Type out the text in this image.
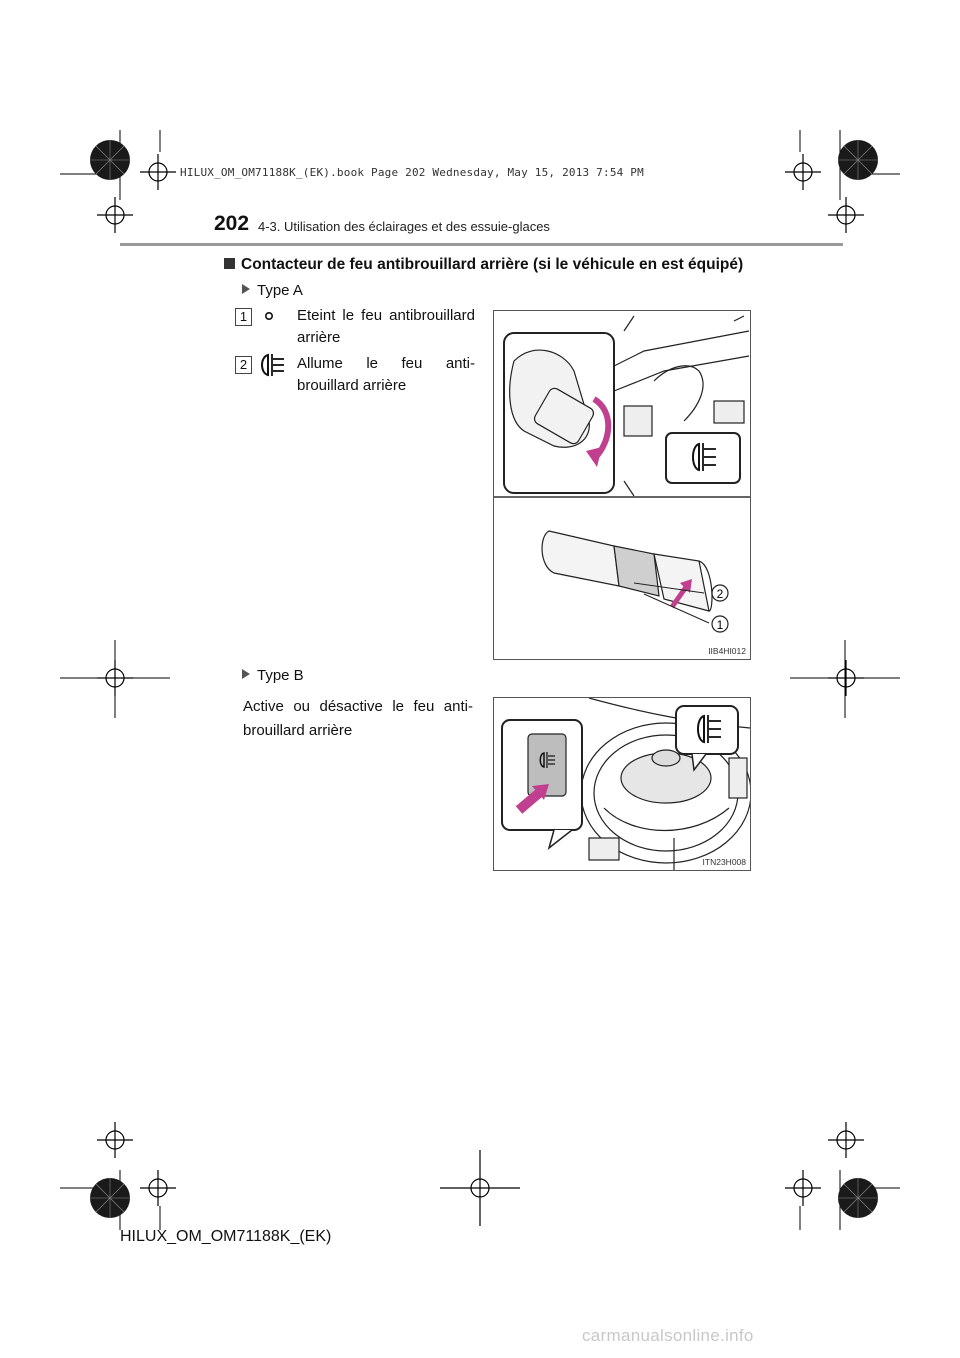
HILUX_OM_OM71188K_(EK).book Page 202 Wednesday, May 15, 2013 7:54 PM
202 4-3. Utilisation des éclairages et des essuie-glaces
Contacteur de feu antibrouillard arrière (si le véhicule en est équipé)
Type A
1	Eteint le feu antibrouillard arrière
2	Allume le feu anti-brouillard arrière
2
1
IIB4HI012
Type B
Active ou désactive le feu anti-brouillard arrière
ITN23H008
HILUX_OM_OM71188K_(EK)
carmanualsonline.info
